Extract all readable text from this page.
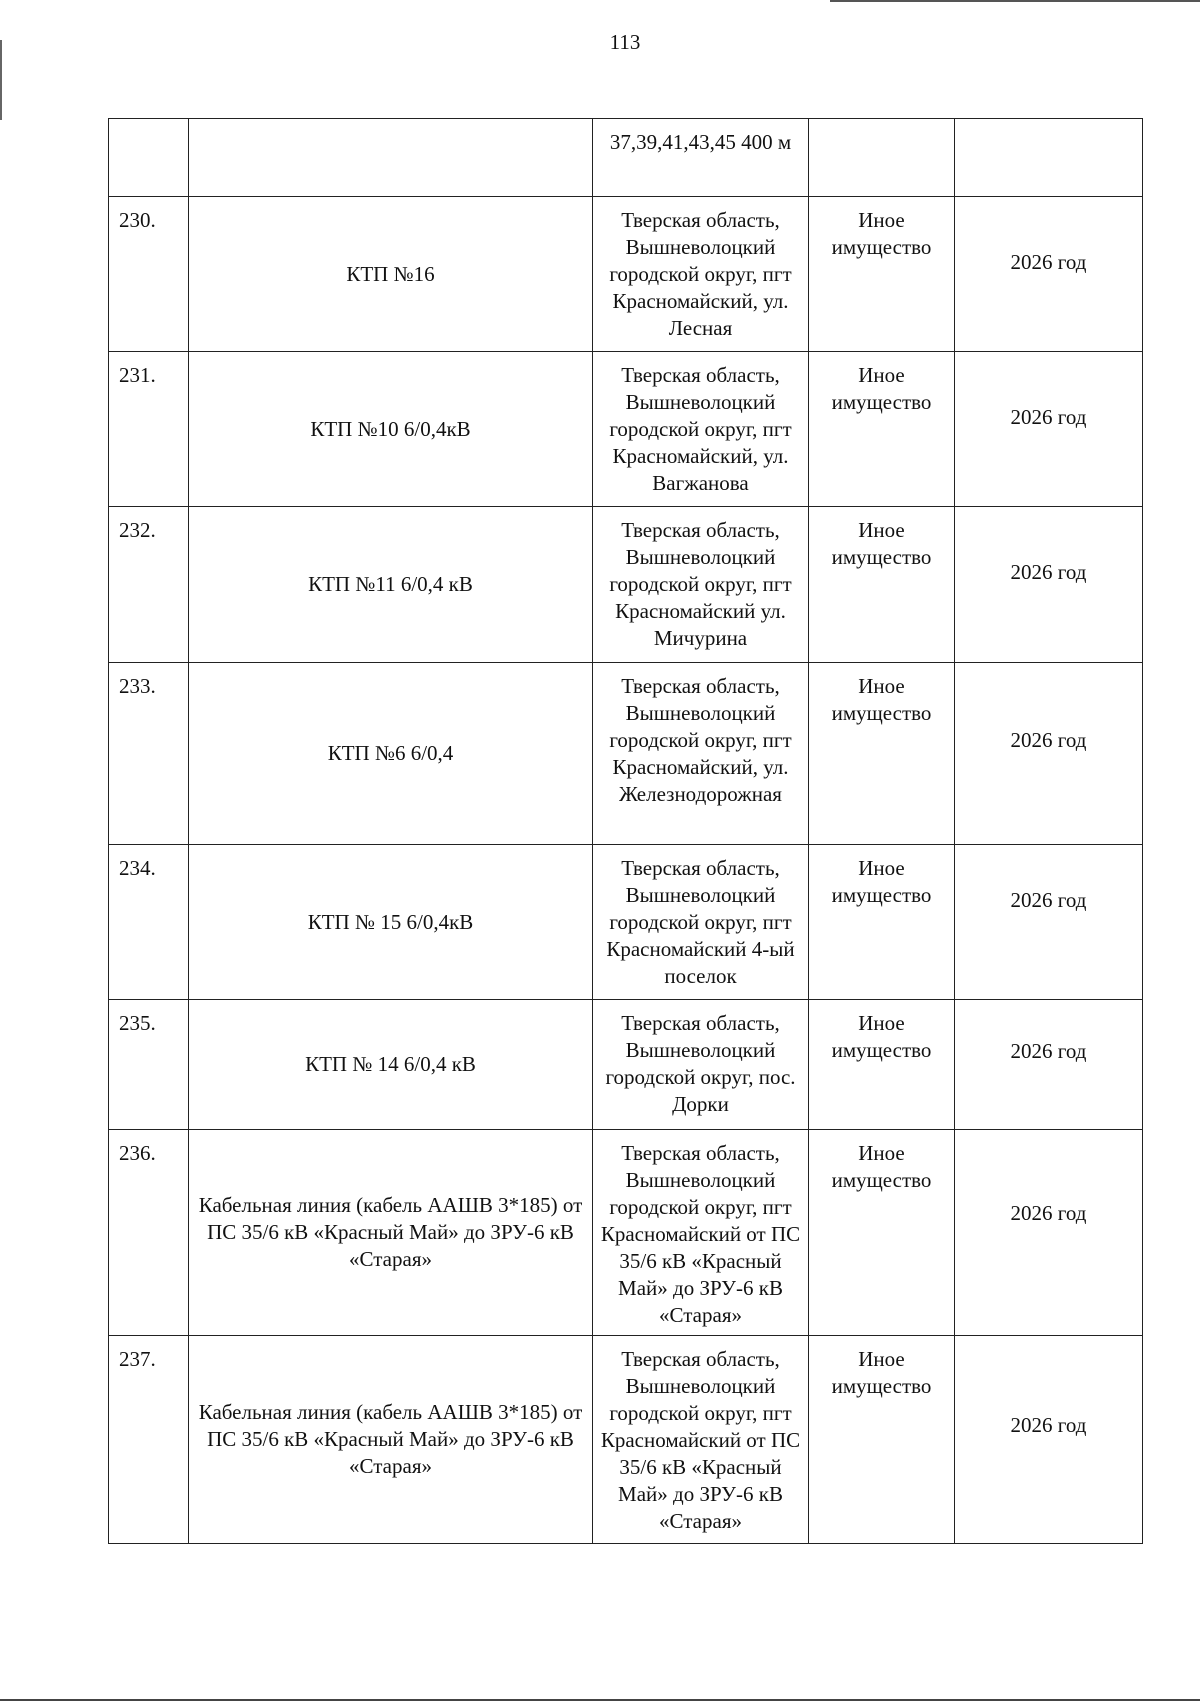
113
		37,39,41,43,45 400 м		
230.	КТП №16	Тверская область, Вышневолоцкий городской округ, пгт Красномайский, ул. Лесная	Иное имущество	2026 год
231.	КТП №10 6/0,4кВ	Тверская область, Вышневолоцкий городской округ, пгт Красномайский, ул. Вагжанова	Иное имущество	2026 год
232.	КТП №11 6/0,4 кВ	Тверская область, Вышневолоцкий городской округ, пгт Красномайский ул. Мичурина	Иное имущество	2026 год
233.	КТП №6 6/0,4	Тверская область, Вышневолоцкий городской округ, пгт Красномайский, ул. Железнодорожная	Иное имущество	2026 год
234.	КТП № 15 6/0,4кВ	Тверская область, Вышневолоцкий городской округ, пгт Красномайский 4-ый поселок	Иное имущество	2026 год
235.	КТП № 14 6/0,4 кВ	Тверская область, Вышневолоцкий городской округ, пос. Дорки	Иное имущество	2026 год
236.	Кабельная линия (кабель ААШВ 3*185) от ПС 35/6 кВ «Красный Май» до ЗРУ-6 кВ «Старая»	Тверская область, Вышневолоцкий городской округ, пгт Красномайский от ПС 35/6 кВ «Красный Май» до ЗРУ-6 кВ «Старая»	Иное имущество	2026 год
237.	Кабельная линия (кабель ААШВ 3*185) от ПС 35/6 кВ «Красный Май» до ЗРУ-6 кВ «Старая»	Тверская область, Вышневолоцкий городской округ, пгт Красномайский от ПС 35/6 кВ «Красный Май» до ЗРУ-6 кВ «Старая»	Иное имущество	2026 год
